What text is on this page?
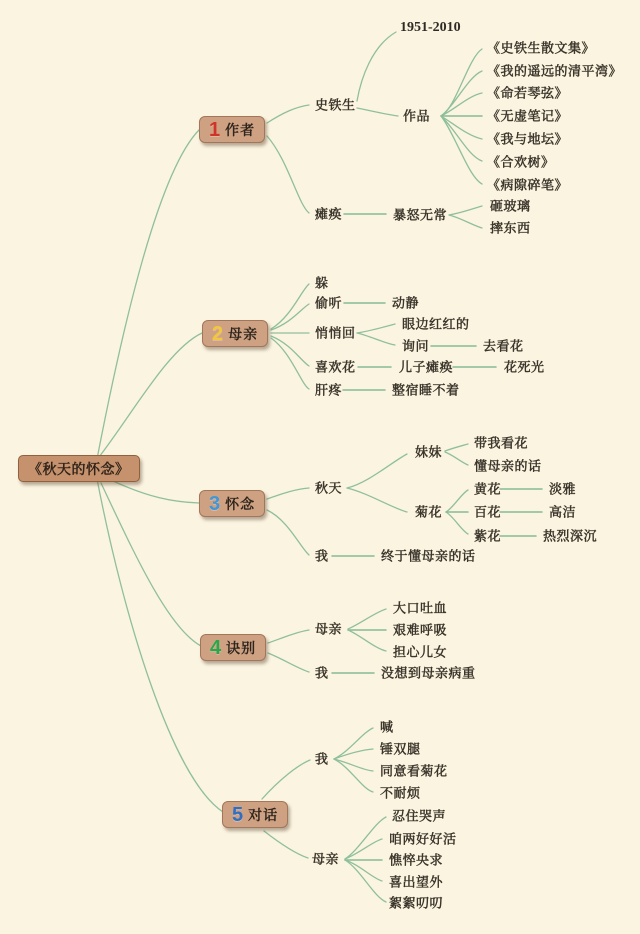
《秋天的怀念》
1 作者
2 母亲
3 怀念
4 诀别
5 对话
史铁生
1951-2010
作品
《史铁生散文集》
《我的遥远的清平湾》
《命若琴弦》
《无虚笔记》
《我与地坛》
《合欢树》
《病隙碎笔》
瘫痪	暴怒无常
砸玻璃
摔东西
躲
偷听	动静
悄悄回
眼边红红的
询问	去看花
喜欢花	儿子瘫痪	花死光
肝疼	整宿睡不着
秋天
妹妹
带我看花
懂母亲的话
菊花
黄花	淡雅
百花	高洁
紫花	热烈深沉
我	终于懂母亲的话
母亲
大口吐血
艰难呼吸
担心儿女
我	没想到母亲病重
我
喊
锤双腿
同意看菊花
不耐烦
母亲
忍住哭声
咱两好好活
憔悴央求
喜出望外
絮絮叨叨
